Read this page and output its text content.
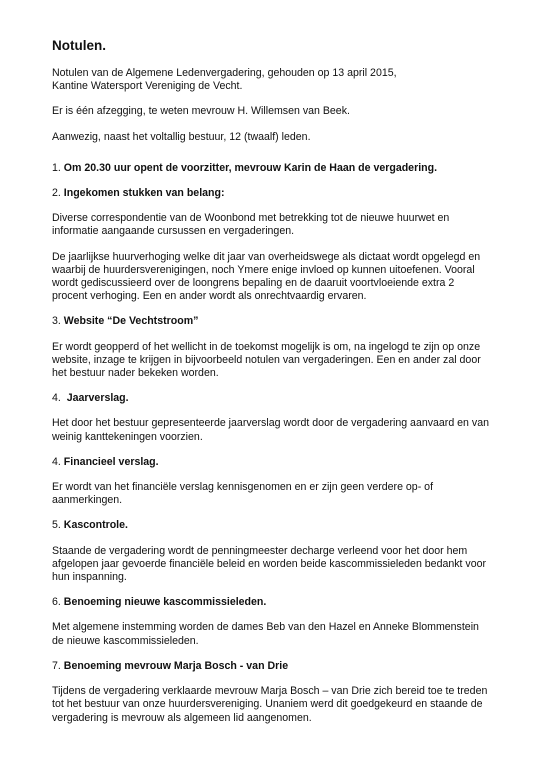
Notulen.

Notulen van de Algemene Ledenvergadering, gehouden op 13 april 2015,

Kantine Watersport Vereniging de Vecht.

Er is één afzegging, te weten mevrouw H. Willemsen van Beek.

Aanwezig, naast het voltallig bestuur, 12 (twaalf) leden.

1. Om 20.30 uur opent de voorzitter, mevrouw Karin de Haan de vergadering.
2. Ingekomen stukken van belang:

Diverse correspondentie van de Woonbond met betrekking tot de nieuwe huurwet en informatie aangaande cursussen en vergaderingen.

De jaarlijkse huurverhoging welke dit jaar van overheidswege als dictaat wordt opgelegd en waarbij de huurdersverenigingen, noch Ymere enige invloed op kunnen uitoefenen. Vooral wordt gediscussieerd over de loongrens bepaling en de daaruit voortvloeiende extra 2 procent verhoging. Een en ander wordt als onrechtvaardig ervaren.

3. Website “De Vechtstroom”

Er wordt geopperd of het wellicht in de toekomst mogelijk is om, na ingelogd te zijn op onze website, inzage te krijgen in bijvoorbeeld notulen van vergaderingen. Een en ander zal door het bestuur nader bekeken worden.

4. Jaarverslag.

Het door het bestuur gepresenteerde jaarverslag wordt door de vergadering aanvaard en van weinig kanttekeningen voorzien.

4. Financieel verslag.

Er wordt van het financiële verslag kennisgenomen en er zijn geen verdere op- of aanmerkingen.

5. Kascontrole.

Staande de vergadering wordt de penningmeester decharge verleend voor het door hem afgelopen jaar gevoerde financiële beleid en worden beide kascommissieleden bedankt voor hun inspanning.

6. Benoeming nieuwe kascommissieleden.

Met algemene instemming worden de dames Beb van den Hazel en Anneke Blommenstein de nieuwe kascommissieleden.

7. Benoeming mevrouw Marja Bosch - van Drie

Tijdens de vergadering verklaarde mevrouw Marja Bosch – van Drie zich bereid toe te treden tot het bestuur van onze huurdersvereniging. Unaniem werd dit goedgekeurd en staande de vergadering is mevrouw als algemeen lid aangenomen.
